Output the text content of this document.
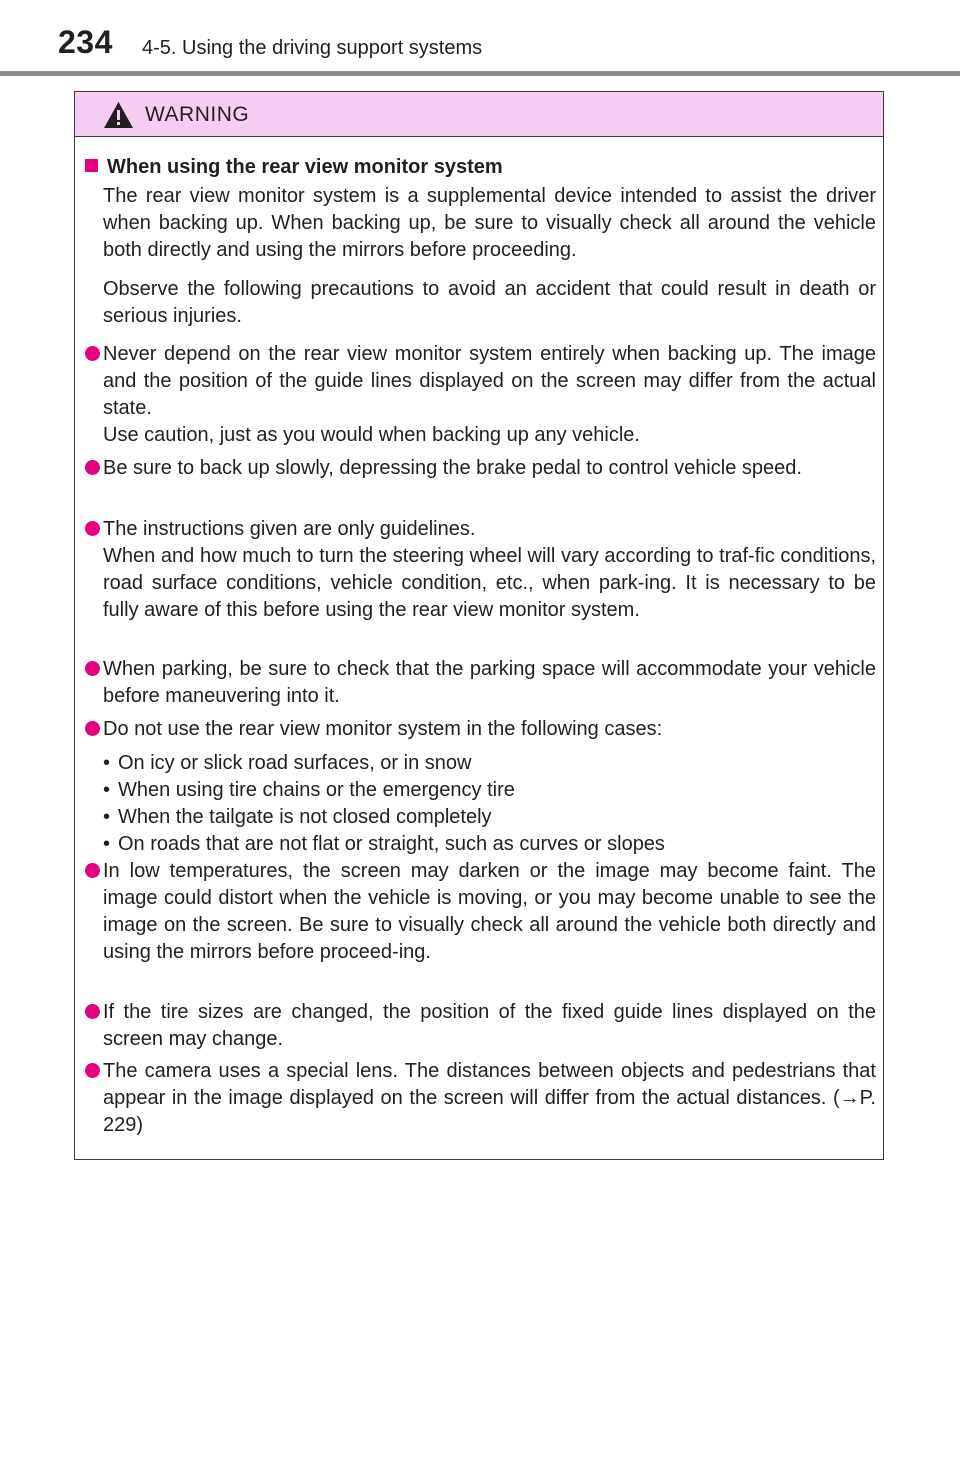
234 4-5. Using the driving support systems
WARNING
When using the rear view monitor system
The rear view monitor system is a supplemental device intended to assist the driver when backing up. When backing up, be sure to visually check all around the vehicle both directly and using the mirrors before proceeding.
Observe the following precautions to avoid an accident that could result in death or serious injuries.
Never depend on the rear view monitor system entirely when backing up. The image and the position of the guide lines displayed on the screen may differ from the actual state.
Use caution, just as you would when backing up any vehicle.
Be sure to back up slowly, depressing the brake pedal to control vehicle speed.
The instructions given are only guidelines.
When and how much to turn the steering wheel will vary according to traf-fic conditions, road surface conditions, vehicle condition, etc., when park-ing. It is necessary to be fully aware of this before using the rear view monitor system.
When parking, be sure to check that the parking space will accommodate your vehicle before maneuvering into it.
Do not use the rear view monitor system in the following cases:
• On icy or slick road surfaces, or in snow
• When using tire chains or the emergency tire
• When the tailgate is not closed completely
• On roads that are not flat or straight, such as curves or slopes
In low temperatures, the screen may darken or the image may become faint. The image could distort when the vehicle is moving, or you may become unable to see the image on the screen. Be sure to visually check all around the vehicle both directly and using the mirrors before proceed-ing.
If the tire sizes are changed, the position of the fixed guide lines displayed on the screen may change.
The camera uses a special lens. The distances between objects and pedestrians that appear in the image displayed on the screen will differ from the actual distances. (→P. 229)
